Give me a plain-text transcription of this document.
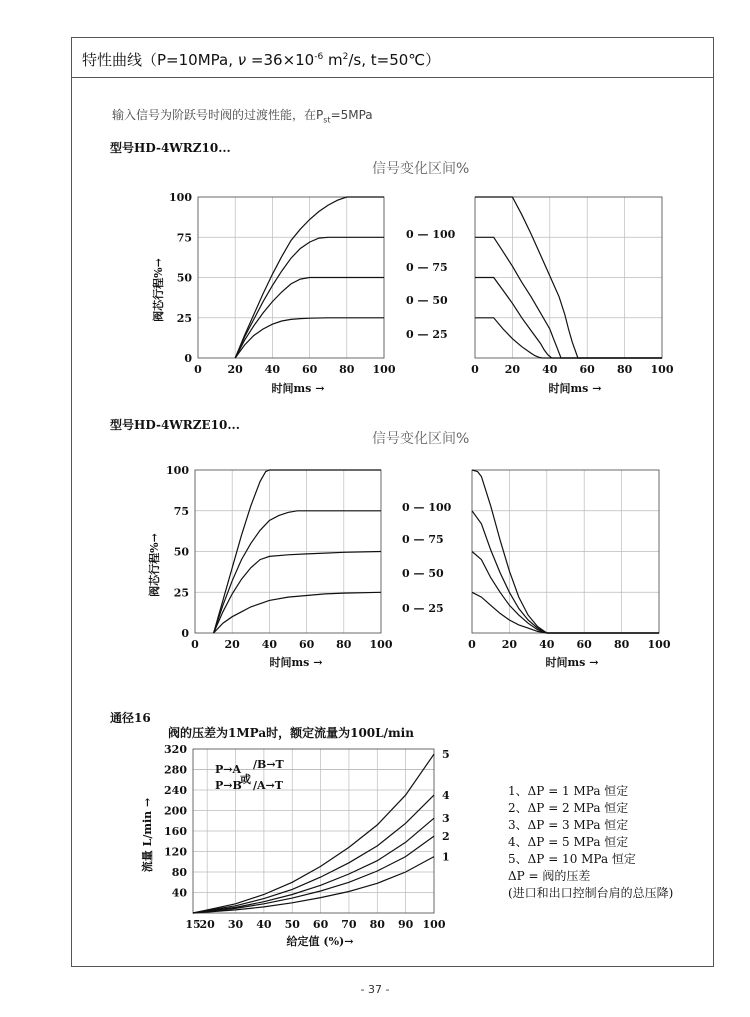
特性曲线（P=10MPa, $\nu =36\times 10^{-6}$ $m^2/s$, t=50℃）
输入信号为阶跃号时阀的过渡性能，在$P_{st}=5MPa$
型号HD-4WRZ10...
信号变化区间%
型号HD-4WRZE10...
信号变化区间%
通径16
阀的压差为1MPa时，额定流量为100L/min
0 20 40 60 80 100
0
25
50
75
100
时间ms →
阀芯行程%→
0 20 40 60 80 100
时间ms →
0 20 40 60 80 100
0
25
50
75
100
时间ms →
阀芯行程%→
0 20 40 60 80 100
时间ms →
15
20 30 40 50 60 70 80 90 100
40
80
120
160
200
240
280
320
给定值 (%)→
流量 L/min →	1
2
3
4
5
0 — 100
0 — 75
0 — 50
0 — 25
0 — 100
0 — 75
0 — 50
0 — 25
P→A /B→T
或
P→B /A→T	1、ΔP = 1 MPa 恒定
2、ΔP = 2 MPa 恒定
3、ΔP = 3 MPa 恒定
4、ΔP = 5 MPa 恒定
5、ΔP = 10 MPa 恒定
ΔP = 阀的压差
(进口和出口控制台肩的总压降)
- 37 -
